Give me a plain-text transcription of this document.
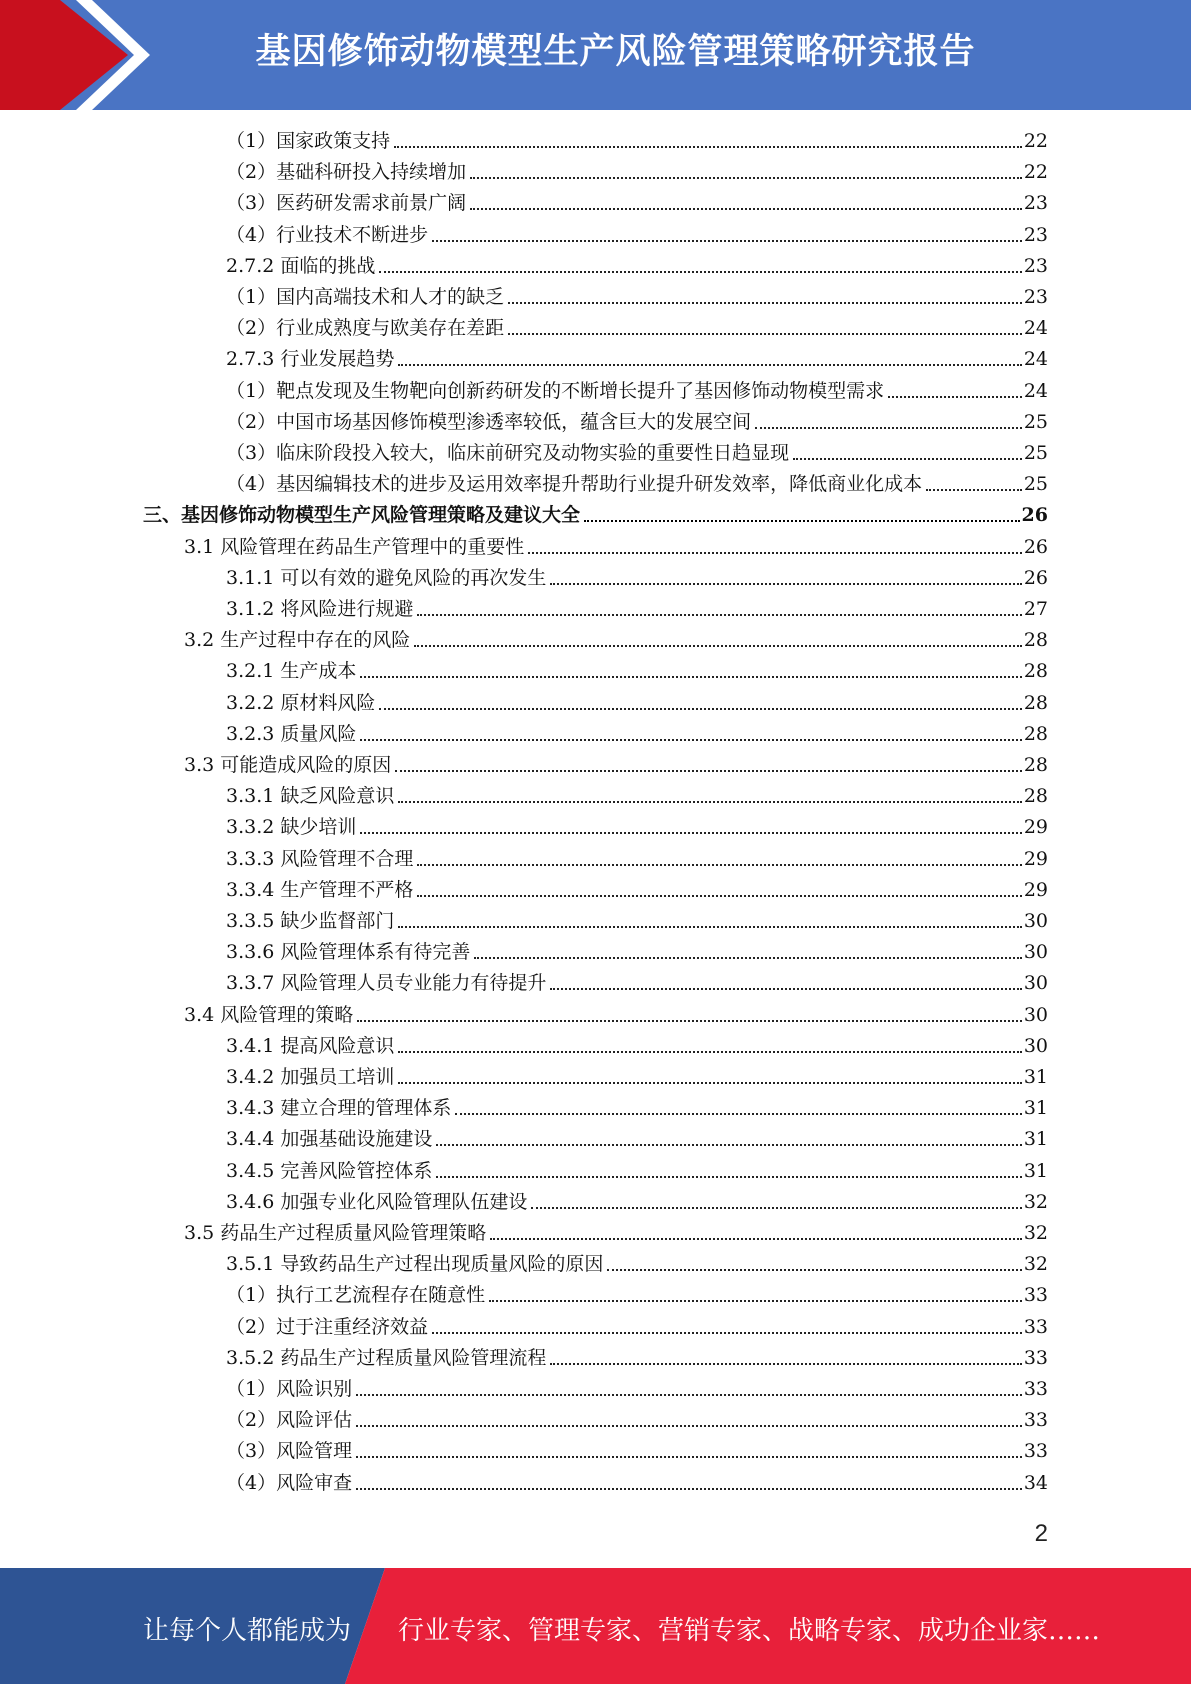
基因修饰动物模型生产风险管理策略研究报告
（1）国家政策支持	22
（2）基础科研投入持续增加	22
（3）医药研发需求前景广阔	23
（4）行业技术不断进步	23
2.7.2 面临的挑战	23
（1）国内高端技术和人才的缺乏	23
（2）行业成熟度与欧美存在差距	24
2.7.3 行业发展趋势	24
（1）靶点发现及生物靶向创新药研发的不断增长提升了基因修饰动物模型需求	24
（2）中国市场基因修饰模型渗透率较低，蕴含巨大的发展空间	25
（3）临床阶段投入较大，临床前研究及动物实验的重要性日趋显现	25
（4）基因编辑技术的进步及运用效率提升帮助行业提升研发效率，降低商业化成本	25
三、基因修饰动物模型生产风险管理策略及建议大全	26
3.1 风险管理在药品生产管理中的重要性	26
3.1.1 可以有效的避免风险的再次发生	26
3.1.2 将风险进行规避	27
3.2 生产过程中存在的风险	28
3.2.1 生产成本	28
3.2.2 原材料风险	28
3.2.3 质量风险	28
3.3 可能造成风险的原因	28
3.3.1 缺乏风险意识	28
3.3.2 缺少培训	29
3.3.3 风险管理不合理	29
3.3.4 生产管理不严格	29
3.3.5 缺少监督部门	30
3.3.6 风险管理体系有待完善	30
3.3.7 风险管理人员专业能力有待提升	30
3.4 风险管理的策略	30
3.4.1 提高风险意识	30
3.4.2 加强员工培训	31
3.4.3 建立合理的管理体系	31
3.4.4 加强基础设施建设	31
3.4.5 完善风险管控体系	31
3.4.6 加强专业化风险管理队伍建设	32
3.5 药品生产过程质量风险管理策略	32
3.5.1 导致药品生产过程出现质量风险的原因	32
（1）执行工艺流程存在随意性	33
（2）过于注重经济效益	33
3.5.2 药品生产过程质量风险管理流程	33
（1）风险识别	33
（2）风险评估	33
（3）风险管理	33
（4）风险审查	34
2
让每个人都能成为 行业专家、管理专家、营销专家、战略专家、成功企业家……
